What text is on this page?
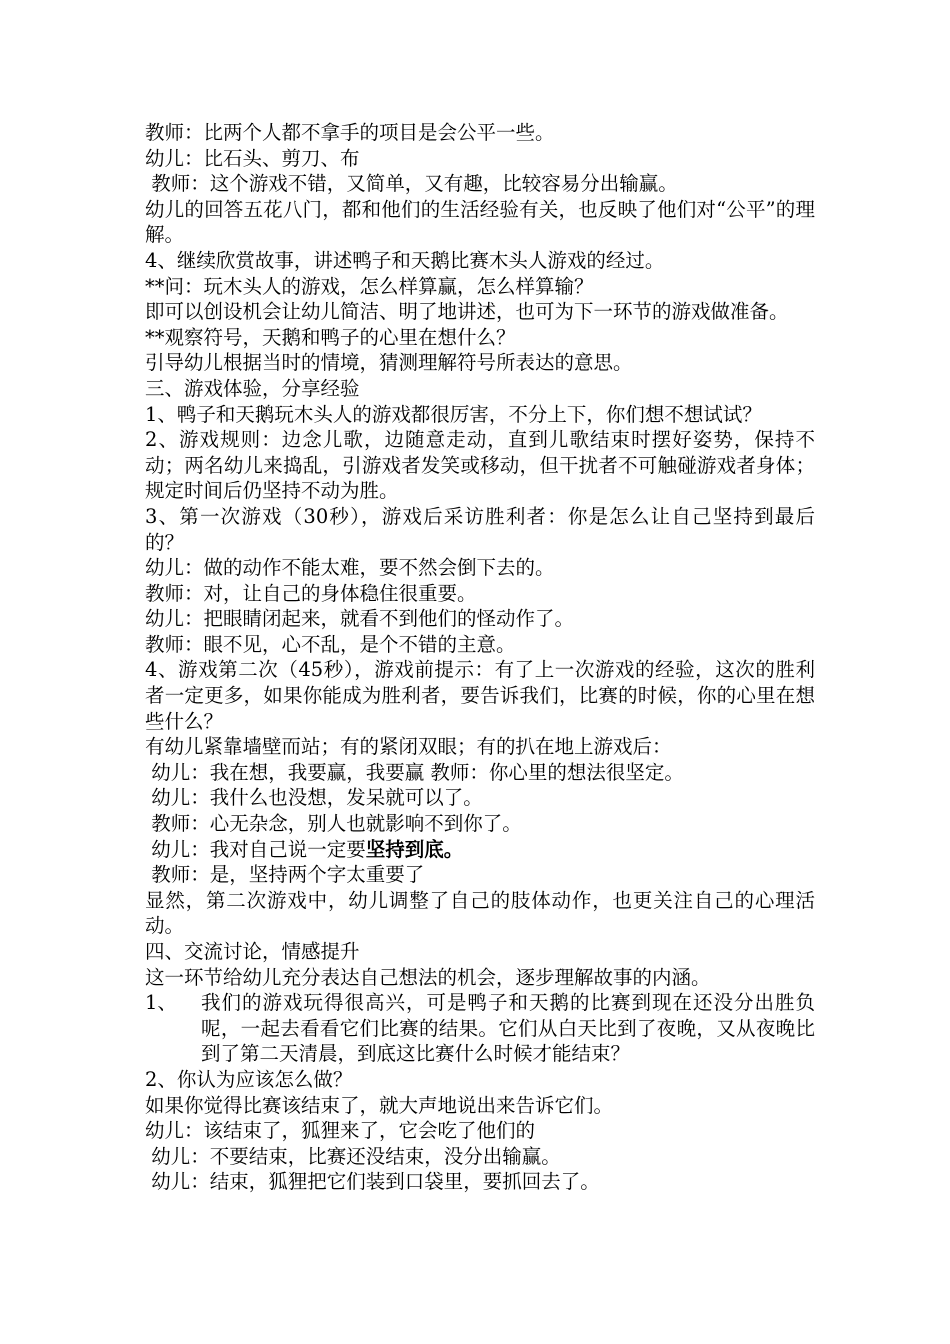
教师：比两个人都不拿手的项目是会公平一些。
幼儿：比石头、剪刀、布
教师：这个游戏不错，又简单，又有趣，比较容易分出输赢。
幼儿的回答五花八门，都和他们的生活经验有关，也反映了他们对“公平”的理解。
4、继续欣赏故事，讲述鸭子和天鹅比赛木头人游戏的经过。
**问：玩木头人的游戏，怎么样算赢，怎么样算输？
即可以创设机会让幼儿简洁、明了地讲述，也可为下一环节的游戏做准备。
**观察符号，天鹅和鸭子的心里在想什么？
引导幼儿根据当时的情境，猜测理解符号所表达的意思。
三、游戏体验，分享经验
1、鸭子和天鹅玩木头人的游戏都很厉害，不分上下，你们想不想试试？
2、游戏规则：边念儿歌，边随意走动，直到儿歌结束时摆好姿势，保持不动；两名幼儿来捣乱，引游戏者发笑或移动，但干扰者不可触碰游戏者身体；规定时间后仍坚持不动为胜。
3、第一次游戏（30秒），游戏后采访胜利者：你是怎么让自己坚持到最后的？
幼儿：做的动作不能太难，要不然会倒下去的。
教师：对，让自己的身体稳住很重要。
幼儿：把眼睛闭起来，就看不到他们的怪动作了。
教师：眼不见，心不乱，是个不错的主意。
4、游戏第二次（45秒），游戏前提示：有了上一次游戏的经验，这次的胜利者一定更多，如果你能成为胜利者，要告诉我们，比赛的时候，你的心里在想些什么？
有幼儿紧靠墙壁而站；有的紧闭双眼；有的扒在地上游戏后：
幼儿：我在想，我要赢，我要赢 教师：你心里的想法很坚定。
幼儿：我什么也没想，发呆就可以了。
教师：心无杂念，别人也就影响不到你了。
幼儿：我对自己说一定要坚持到底。
教师：是，坚持两个字太重要了
显然，第二次游戏中，幼儿调整了自己的肢体动作，也更关注自己的心理活动。
四、交流讨论，情感提升
这一环节给幼儿充分表达自己想法的机会，逐步理解故事的内涵。
1、	我们的游戏玩得很高兴，可是鸭子和天鹅的比赛到现在还没分出胜负呢，一起去看看它们比赛的结果。它们从白天比到了夜晚，又从夜晚比到了第二天清晨，到底这比赛什么时候才能结束？
2、你认为应该怎么做？
如果你觉得比赛该结束了，就大声地说出来告诉它们。
幼儿：该结束了，狐狸来了，它会吃了他们的
幼儿：不要结束，比赛还没结束，没分出输赢。
幼儿：结束，狐狸把它们装到口袋里，要抓回去了。
